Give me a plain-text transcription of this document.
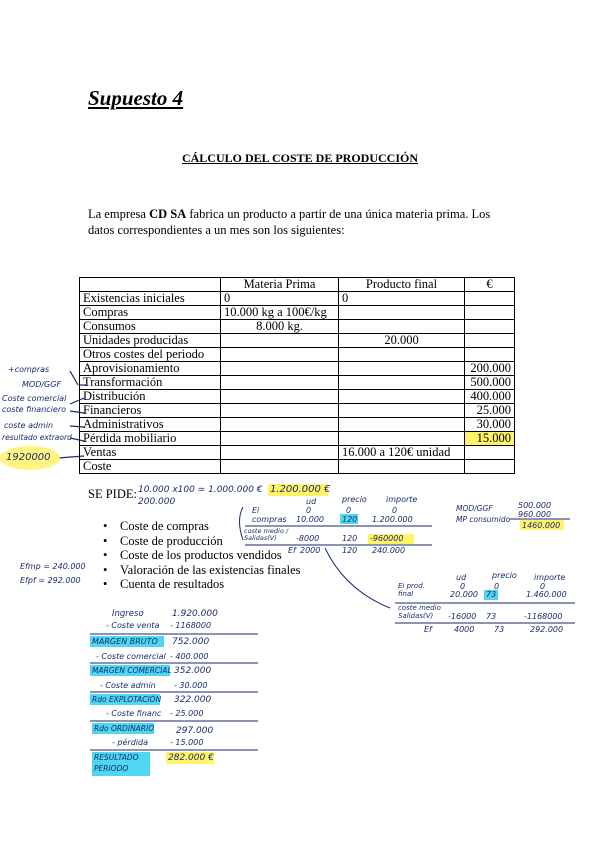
Supuesto 4
CÁLCULO DEL COSTE DE PRODUCCIÓN
La empresa CD SA fabrica un producto a partir de una única materia prima. Los datos correspondientes a un mes son los siguientes:
	Materia Prima	Producto final	€
Existencias iniciales	0	0	
Compras	10.000 kg a 100€/kg		
Consumos	8.000 kg.		
Unidades producidas		20.000	
Otros costes del periodo			
Aprovisionamiento			200.000
Transformación			500.000
Distribución			400.000
Financieros			25.000
Administrativos			30.000
Pérdida mobiliario			15.000
Ventas		16.000 a 120€ unidad	
Coste			
SE PIDE:
• Coste de compras
• Coste de producción
• Coste de los productos vendidos
• Valoración de las existencias finales
• Cuenta de resultados
+compras
MOD/GGF
Coste comercial
coste financiero
coste admin
resultado extraord
1920000
10.000 x100 = 1.000.000 €
200.000
1.200.000 €
ud	precio importe
Ei	0	0	0
compras 10.000 120 1.200.000
coste medio / Salidas(V)	-8000	120 -960000
Ef 2000	120 240.000
MOD/GGF
MP consumido
500.000
960.000
1460.000
ud	precio importe
Ei prod. final
0	0	0
coste medio
20.000 73	1.460.000
Salidas(V) -16000 73	-1168000
Ef	4000 73	292.000
Efmp = 240.000
Efpf = 292.000
Ingreso	1.920.000
- Coste venta - 1168000
MARGEN BRUTO 752.000
- Coste comercial - 400.000
MARGEN COMERCIAL 352.000
- Coste admin - 30.000
Rdo EXPLOTACIÓN 322.000
- Coste financ - 25.000
Rdo ORDINARIO 297.000
- pérdida	- 15.000
RESULTADO PERIODO
282.000 €
